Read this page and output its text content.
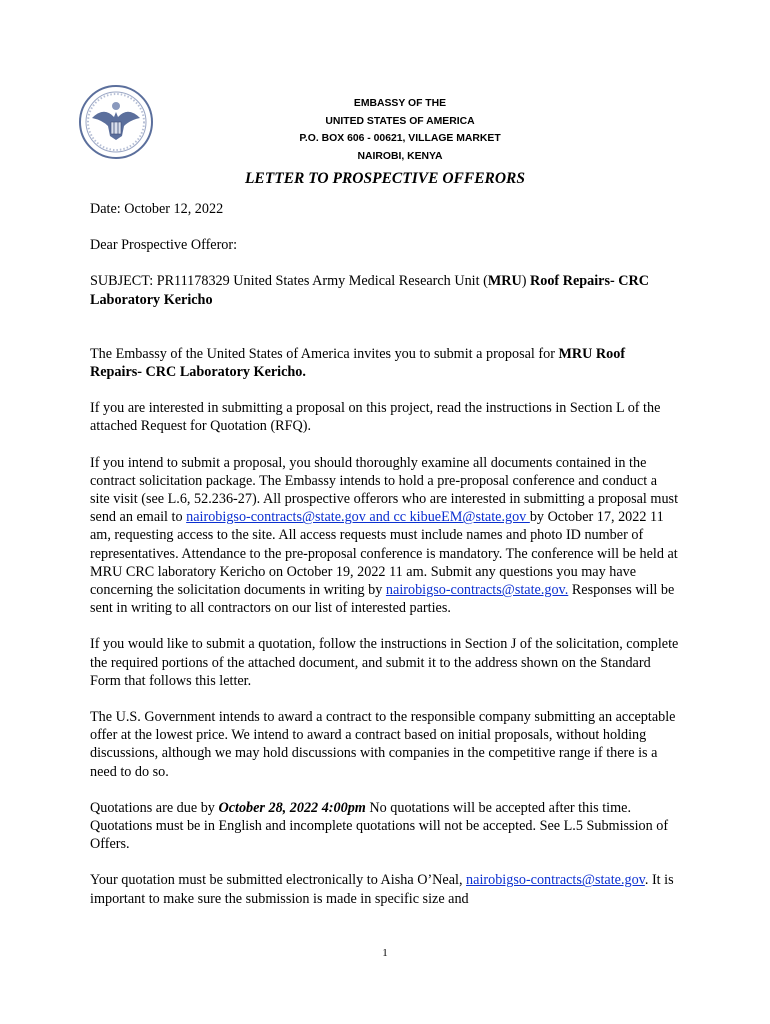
EMBASSY OF THE
UNITED STATES OF AMERICA
P.O. BOX 606 - 00621, VILLAGE MARKET
NAIROBI, KENYA
LETTER TO PROSPECTIVE OFFERORS

Date: October 12, 2022

Dear Prospective Offeror:

SUBJECT: PR11178329 United States Army Medical Research Unit (MRU) Roof Repairs- CRC Laboratory Kericho

The Embassy of the United States of America invites you to submit a proposal for MRU Roof Repairs- CRC Laboratory Kericho.

If you are interested in submitting a proposal on this project, read the instructions in Section L of the attached Request for Quotation (RFQ).

If you intend to submit a proposal, you should thoroughly examine all documents contained in the contract solicitation package. The Embassy intends to hold a pre-proposal conference and conduct a site visit (see L.6, 52.236-27). All prospective offerors who are interested in submitting a proposal must send an email to nairobigso-contracts@state.gov and cc kibueEM@state.gov by October 17, 2022 11 am, requesting access to the site. All access requests must include names and photo ID number of representatives. Attendance to the pre-proposal conference is mandatory. The conference will be held at MRU CRC laboratory Kericho on October 19, 2022 11 am. Submit any questions you may have concerning the solicitation documents in writing by nairobigso-contracts@state.gov. Responses will be sent in writing to all contractors on our list of interested parties.

If you would like to submit a quotation, follow the instructions in Section J of the solicitation, complete the required portions of the attached document, and submit it to the address shown on the Standard Form that follows this letter.

The U.S. Government intends to award a contract to the responsible company submitting an acceptable offer at the lowest price. We intend to award a contract based on initial proposals, without holding discussions, although we may hold discussions with companies in the competitive range if there is a need to do so.

Quotations are due by October 28, 2022 4:00pm No quotations will be accepted after this time. Quotations must be in English and incomplete quotations will not be accepted. See L.5 Submission of Offers.

Your quotation must be submitted electronically to Aisha O’Neal, nairobigso-contracts@state.gov. It is important to make sure the submission is made in specific size and

1
